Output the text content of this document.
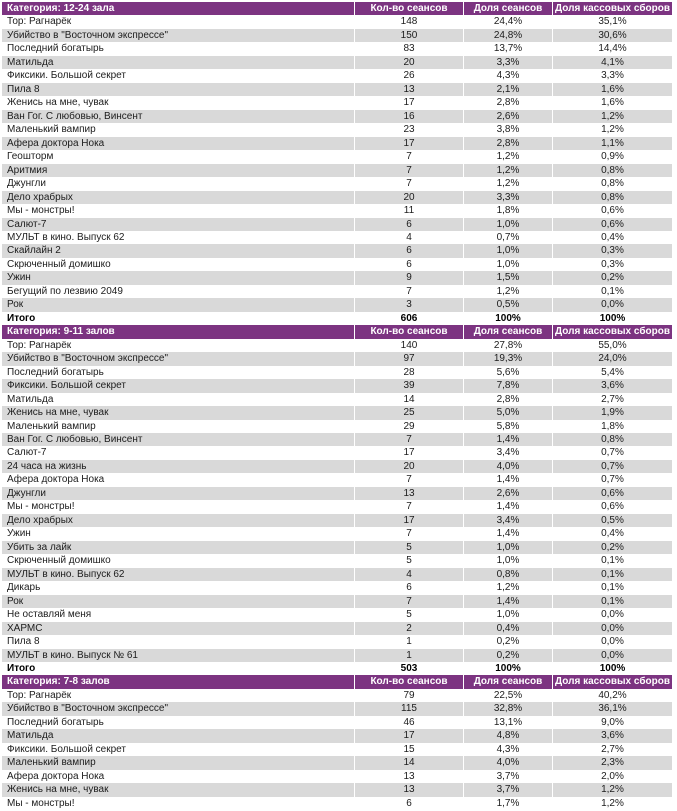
Категория: 12-24 зала	Кол-во сеансов	Доля сеансов	Доля кассовых сборов
Тор: Рагнарёк	148	24,4%	35,1%
Убийство в "Восточном экспрессе"	150	24,8%	30,6%
Последний богатырь	83	13,7%	14,4%
Матильда	20	3,3%	4,1%
Фиксики. Большой секрет	26	4,3%	3,3%
Пила 8	13	2,1%	1,6%
Женись на мне, чувак	17	2,8%	1,6%
Ван Гог. С любовью, Винсент	16	2,6%	1,2%
Маленький вампир	23	3,8%	1,2%
Афера доктора Нока	17	2,8%	1,1%
Геошторм	7	1,2%	0,9%
Аритмия	7	1,2%	0,8%
Джунгли	7	1,2%	0,8%
Дело храбрых	20	3,3%	0,8%
Мы - монстры!	11	1,8%	0,6%
Салют-7	6	1,0%	0,6%
МУЛЬТ в кино. Выпуск 62	4	0,7%	0,4%
Скайлайн 2	6	1,0%	0,3%
Скрюченный домишко	6	1,0%	0,3%
Ужин	9	1,5%	0,2%
Бегущий по лезвию 2049	7	1,2%	0,1%
Рок	3	0,5%	0,0%
Итого	606	100%	100%
Категория: 9-11 залов	Кол-во сеансов	Доля сеансов	Доля кассовых сборов
Тор: Рагнарёк	140	27,8%	55,0%
Убийство в "Восточном экспрессе"	97	19,3%	24,0%
Последний богатырь	28	5,6%	5,4%
Фиксики. Большой секрет	39	7,8%	3,6%
Матильда	14	2,8%	2,7%
Женись на мне, чувак	25	5,0%	1,9%
Маленький вампир	29	5,8%	1,8%
Ван Гог. С любовью, Винсент	7	1,4%	0,8%
Салют-7	17	3,4%	0,7%
24 часа на жизнь	20	4,0%	0,7%
Афера доктора Нока	7	1,4%	0,7%
Джунгли	13	2,6%	0,6%
Мы - монстры!	7	1,4%	0,6%
Дело храбрых	17	3,4%	0,5%
Ужин	7	1,4%	0,4%
Убить за лайк	5	1,0%	0,2%
Скрюченный домишко	5	1,0%	0,1%
МУЛЬТ в кино. Выпуск 62	4	0,8%	0,1%
Дикарь	6	1,2%	0,1%
Рок	7	1,4%	0,1%
Не оставляй меня	5	1,0%	0,0%
ХАРМС	2	0,4%	0,0%
Пила 8	1	0,2%	0,0%
МУЛЬТ в кино. Выпуск № 61	1	0,2%	0,0%
Итого	503	100%	100%
Категория: 7-8 залов	Кол-во сеансов	Доля сеансов	Доля кассовых сборов
Тор: Рагнарёк	79	22,5%	40,2%
Убийство в "Восточном экспрессе"	115	32,8%	36,1%
Последний богатырь	46	13,1%	9,0%
Матильда	17	4,8%	3,6%
Фиксики. Большой секрет	15	4,3%	2,7%
Маленький вампир	14	4,0%	2,3%
Афера доктора Нока	13	3,7%	2,0%
Женись на мне, чувак	13	3,7%	1,2%
Мы - монстры!	6	1,7%	1,2%
